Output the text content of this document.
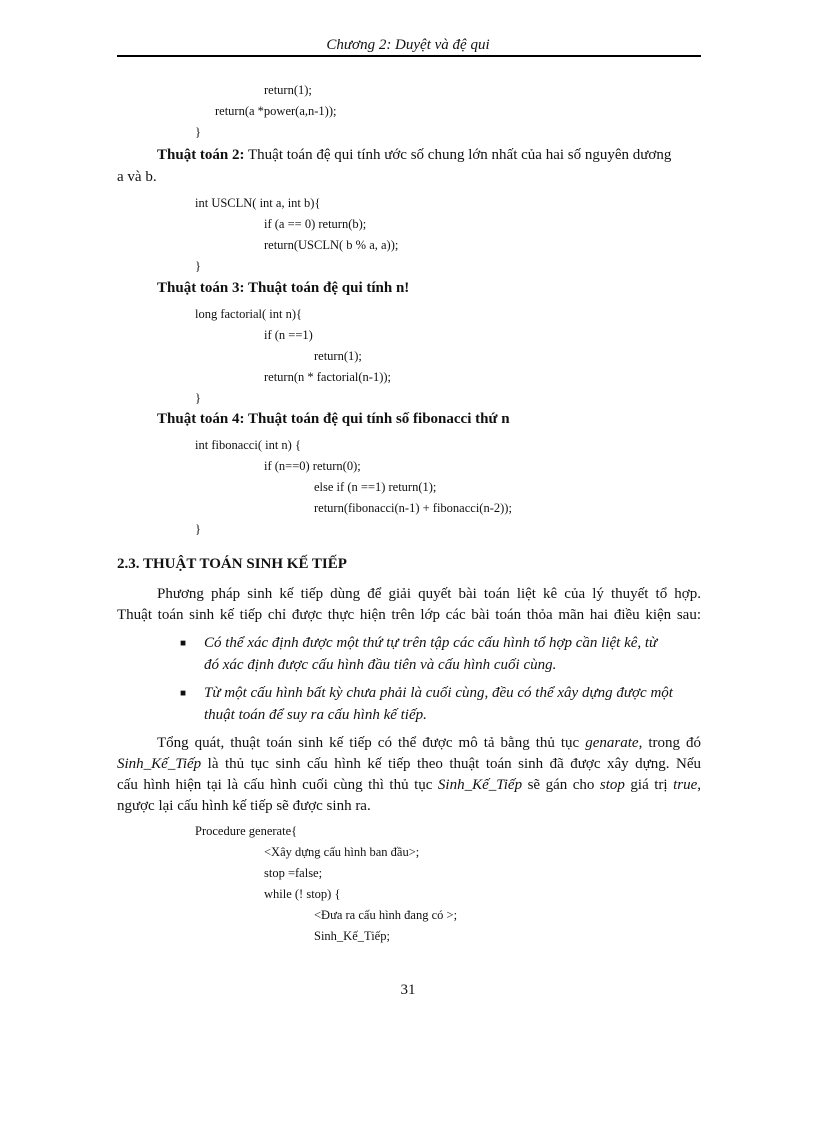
Chương 2: Duyệt và đệ qui
return(1);
return(a *power(a,n-1));
}
Thuật toán 2: Thuật toán đệ qui tính ước số chung lớn nhất của hai số nguyên dương
a và b.
int USCLN( int a, int b){
if (a == 0) return(b);
return(USCLN( b % a, a));
}
Thuật toán 3: Thuật toán đệ qui tính n!
long factorial( int n){
if (n ==1)
return(1);
return(n * factorial(n-1));
}
Thuật toán 4: Thuật toán đệ qui tính số fibonacci thứ n
int fibonacci( int n) {
if (n==0) return(0);
else if (n ==1) return(1);
return(fibonacci(n-1) + fibonacci(n-2));
}
2.3. THUẬT TOÁN SINH KẾ TIẾP
Phương pháp sinh kế tiếp dùng để giải quyết bài toán liệt kê của lý thuyết tổ hợp.
Thuật toán sinh kế tiếp chỉ được thực hiện trên lớp các bài toán thỏa mãn hai điều kiện sau:
■ Có thể xác định được một thứ tự trên tập các cấu hình tổ hợp cần liệt kê, từ
đó xác định được cấu hình đầu tiên và cấu hình cuối cùng.
■ Từ một cấu hình bất kỳ chưa phải là cuối cùng, đều có thể xây dựng được một
thuật toán để suy ra cấu hình kế tiếp.
Tổng quát, thuật toán sinh kế tiếp có thể được mô tả bằng thủ tục genarate, trong đó
Sinh_Kế_Tiếp là thủ tục sinh cấu hình kế tiếp theo thuật toán sinh đã được xây dựng. Nếu
cấu hình hiện tại là cấu hình cuối cùng thì thủ tục Sinh_Kế_Tiếp sẽ gán cho stop giá trị true,
ngược lại cấu hình kế tiếp sẽ được sinh ra.
Procedure generate{
<Xây dựng cấu hình ban đầu>;
stop =false;
while (! stop) {
<Đưa ra cấu hình đang có >;
Sinh_Kế_Tiếp;
31
